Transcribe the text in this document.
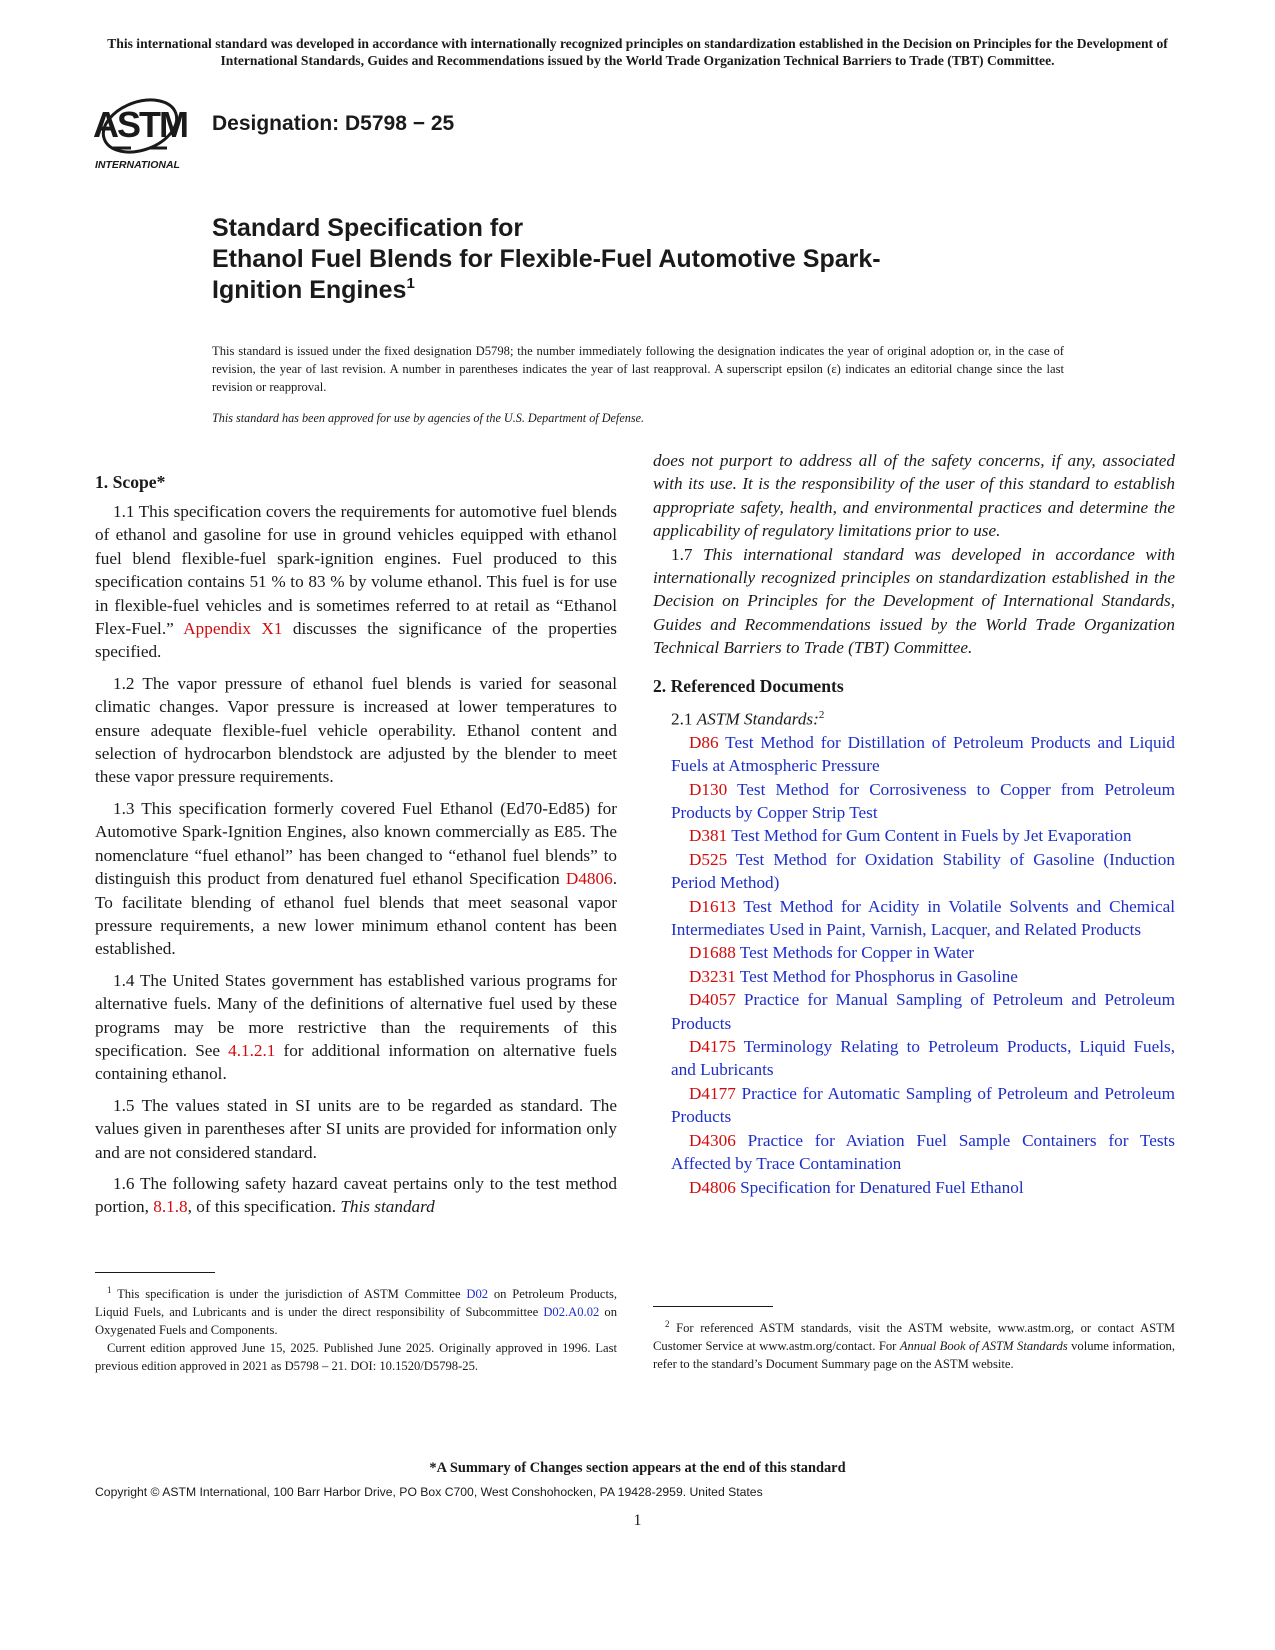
This international standard was developed in accordance with internationally recognized principles on standardization established in the Decision on Principles for the Development of International Standards, Guides and Recommendations issued by the World Trade Organization Technical Barriers to Trade (TBT) Committee.
ASTM
INTERNATIONAL
Designation: D5798 − 25
Standard Specification for
Ethanol Fuel Blends for Flexible-Fuel Automotive Spark-
Ignition Engines$^1$
This standard is issued under the fixed designation D5798; the number immediately following the designation indicates the year of original adoption or, in the case of revision, the year of last revision. A number in parentheses indicates the year of last reapproval. A superscript epsilon (ε) indicates an editorial change since the last revision or reapproval.
This standard has been approved for use by agencies of the U.S. Department of Defense.
1. Scope*

1.1 This specification covers the requirements for automotive fuel blends of ethanol and gasoline for use in ground vehicles equipped with ethanol fuel blend flexible-fuel spark-ignition engines. Fuel produced to this specification contains 51 % to 83 % by volume ethanol. This fuel is for use in flexible-fuel vehicles and is sometimes referred to at retail as “Ethanol Flex-Fuel.” Appendix X1 discusses the significance of the properties specified.

1.2 The vapor pressure of ethanol fuel blends is varied for seasonal climatic changes. Vapor pressure is increased at lower temperatures to ensure adequate flexible-fuel vehicle operability. Ethanol content and selection of hydrocarbon blendstock are adjusted by the blender to meet these vapor pressure requirements.

1.3 This specification formerly covered Fuel Ethanol (Ed70-Ed85) for Automotive Spark-Ignition Engines, also known commercially as E85. The nomenclature “fuel ethanol” has been changed to “ethanol fuel blends” to distinguish this product from denatured fuel ethanol Specification D4806. To facilitate blending of ethanol fuel blends that meet seasonal vapor pressure requirements, a new lower minimum ethanol content has been established.

1.4 The United States government has established various programs for alternative fuels. Many of the definitions of alternative fuel used by these programs may be more restrictive than the requirements of this specification. See 4.1.2.1 for additional information on alternative fuels containing ethanol.

1.5 The values stated in SI units are to be regarded as standard. The values given in parentheses after SI units are provided for information only and are not considered standard.

1.6 The following safety hazard caveat pertains only to the test method portion, 8.1.8, of this specification. This standard

$^1$ This specification is under the jurisdiction of ASTM Committee D02 on Petroleum Products, Liquid Fuels, and Lubricants and is under the direct responsibility of Subcommittee D02.A0.02 on Oxygenated Fuels and Components.

Current edition approved June 15, 2025. Published June 2025. Originally approved in 1996. Last previous edition approved in 2021 as D5798 – 21. DOI: 10.1520/D5798-25.

does not purport to address all of the safety concerns, if any, associated with its use. It is the responsibility of the user of this standard to establish appropriate safety, health, and environmental practices and determine the applicability of regulatory limitations prior to use.

1.7 This international standard was developed in accordance with internationally recognized principles on standardization established in the Decision on Principles for the Development of International Standards, Guides and Recommendations issued by the World Trade Organization Technical Barriers to Trade (TBT) Committee.

2. Referenced Documents

2.1 ASTM Standards:$^2$

D86 Test Method for Distillation of Petroleum Products and Liquid Fuels at Atmospheric Pressure

D130 Test Method for Corrosiveness to Copper from Petroleum Products by Copper Strip Test

D381 Test Method for Gum Content in Fuels by Jet Evaporation

D525 Test Method for Oxidation Stability of Gasoline (Induction Period Method)

D1613 Test Method for Acidity in Volatile Solvents and Chemical Intermediates Used in Paint, Varnish, Lacquer, and Related Products

D1688 Test Methods for Copper in Water

D3231 Test Method for Phosphorus in Gasoline

D4057 Practice for Manual Sampling of Petroleum and Petroleum Products

D4175 Terminology Relating to Petroleum Products, Liquid Fuels, and Lubricants

D4177 Practice for Automatic Sampling of Petroleum and Petroleum Products

D4306 Practice for Aviation Fuel Sample Containers for Tests Affected by Trace Contamination

D4806 Specification for Denatured Fuel Ethanol

$^2$ For referenced ASTM standards, visit the ASTM website, www.astm.org, or contact ASTM Customer Service at www.astm.org/contact. For Annual Book of ASTM Standards volume information, refer to the standard’s Document Summary page on the ASTM website.

*A Summary of Changes section appears at the end of this standard
Copyright © ASTM International, 100 Barr Harbor Drive, PO Box C700, West Conshohocken, PA 19428-2959. United States
1
